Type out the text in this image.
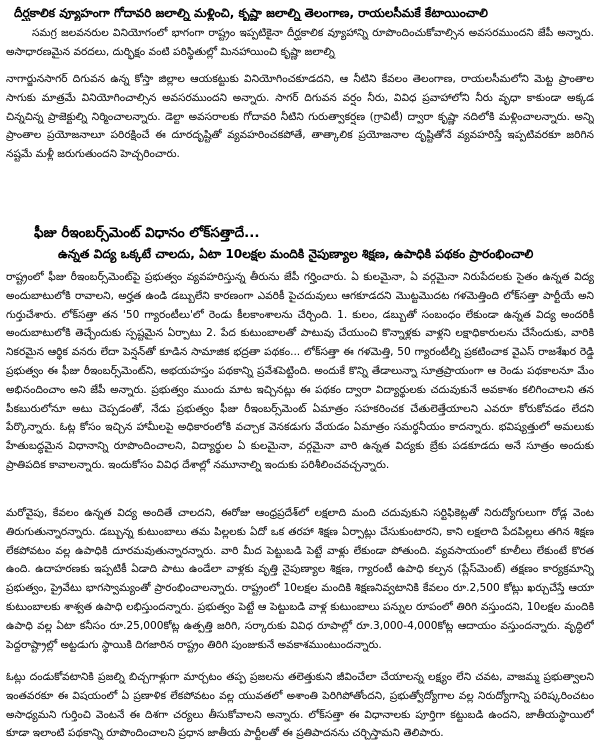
దీర్ఘకాలిక వ్యూహంగా గోదావరి జలాల్ని మళ్లించి, కృష్ణా జలాల్ని తెలంగాణ, రాయలసీమకే కేటాయించాలి

సమగ్ర జలవనరుల వినియోగంలో భాగంగా రాష్ట్రం ఇప్పటికైనా దీర్ఘకాలిక వ్యూహాన్ని రూపొందించుకోవాల్సిన అవసరముందని జేపీ అన్నారు. అసాధారణమైన వరదలు, దుర్భిక్షం వంటి పరిస్థితుల్లో మినహాయించి కృష్ణా జలాల్ని

నాగార్జునసాగర్ దిగువన ఉన్న కోస్తా జిల్లాల ఆయకట్టుకు వినియోగించకూడదని, ఆ నీటిని కేవలం తెలంగాణ, రాయలసీమలోని మెట్ట ప్రాంతాల సాగుకు మాత్రమే వినియోగించాల్సిన అవసరముందని అన్నారు. సాగర్ దిగువన వర్షం నీరు, వివిధ ప్రవాహాలోని నీరు వృధా కాకుండా అక్కడ చిన్నచిన్న ప్రాజెక్టుల్ని నిర్మించాలన్నారు. డెల్టా అవసరాలకు గోదావరి నీటిని గురుత్వాకర్షణ (గ్రావిటీ) ద్వారా కృష్ణా నదిలోకి మళ్లించాలన్నారు. అన్ని ప్రాంతాల ప్రయోజనాలూ పరిరక్షించే ఈ దూరదృష్టితో వ్యవహరించకపోతే, తాత్కాలిక ప్రయోజనాల దృష్టితోనే వ్యవహరిస్తే ఇప్పటివరకూ జరిగిన నష్టమే మళ్లీ జరుగుతుందని హెచ్చరించారు.

ఫీజు రీఇంబర్స్‌మెంట్ విధానం లోక్‌సత్తాదే...
ఉన్నత విద్య ఒక్కటే చాలదు, ఏటా 10లక్షల మందికి నైపుణ్యాల శిక్షణ, ఉపాధికి పథకం ప్రారంభించాలి

రాష్ట్రంలో ఫీజు రీఇంబర్స్‌మెంట్‌పై ప్రభుత్వం వ్యవహరిస్తున్న తీరును జేపీ గర్హించారు. ఏ కులమైనా, ఏ వర్గమైనా నిరుపేదలకు సైతం ఉన్నత విద్య అందుబాటులోకి రావాలని, అర్హత ఉండి డబ్బులేని కారణంగా ఎవరికీ పైచదువులు ఆగకూడదని మొట్టమొదట గళమెత్తింది లోక్‌సత్తా పార్టీయే అని గుర్తుచేశారు. లోక్‌సత్తా తన '50 గ్యారంటీలు'లో రెండు కీలకాంశాలను చేర్చింది. 1. కులం, డబ్బుతో సంబంధం లేకుండా ఉన్నత విద్య అందరికీ అందుబాటులోకి తెచ్చేందుకు స్పష్టమైన ఏర్పాటు 2. పేద కుటుంబాలతో పాటువు చేయుంచి కొన్నాళ్లకు వాళ్లని లక్షాధికారులను చేసేందుకు, వారికి నికరమైన ఆర్థిక వనరు లేదా పెన్షన్‌తో కూడిన సామాజిక భద్రతా పథకం... లోక్‌సత్తా ఈ గళమెత్తి, 50 గ్యారంటీల్ని ప్రకటించాక వైఎస్ రాజశేఖర రెడ్డి ప్రభుత్వం ఈ ఫీజు రీఇంబర్స్‌మెంట్‌ని, అభయహస్తం పథకాన్ని ప్రవేశపెట్టింది. అందుకే కొన్ని తేడాలున్నా సూత్రప్రాయంగా ఆ రెండు పథకాలనూ మేం అభినందించాం అని జేపీ అన్నారు. ప్రభుత్వం ముందు మాట ఇచ్చినట్లు ఈ పథకం ద్వారా విద్యార్థులకు చదువుకునే అవకాశం కలిగించాలని తన పీకబురులోనూ అటు చెప్పడంతో, నేడు ప్రభుత్వం ఫీజు రీఇంబర్స్‌మెంట్ ఏమాత్రం సహకరించక చేతులెత్తేయాలని ఎవరూ కోరుకోవడం లేదని పేర్కొన్నారు. ఓట్ల కోసం ఇచ్చిన హామీలపై అధికారంలోకి వచ్చాక వెనకడుగు వేయడం ఏమాత్రం సమర్థనీయం కాదన్నారు. భవిష్యత్తులో అమలుకు హేతుబద్ధమైన విధానాన్ని రూపొందించాలని, విద్యార్థుల ఏ కులమైనా, వర్గమైనా వారి ఉన్నత విద్యకు బ్రేకు పడకూడదు అనే సూత్రం అందుకు ప్రాతిపదిక కావాలన్నారు. ఇందుకోసం వివిధ దేశాల్లో నమూనాల్ని ఇందుకు పరిశీలించవచ్చన్నారు.

మరోవైపు, కేవలం ఉన్నత విద్య అందితే చాలదని, ఈరోజు ఆంధ్రప్రదేశ్‌లో లక్షలాది మంది చదువుకుని సర్టిఫికెట్లతో నిరుద్యోగులుగా రోడ్ల వెంట తిరుగుతున్నారన్నారు. డబ్బున్న కుటుంబాలు తమ పిల్లలకు ఏదో ఒక తరహా శిక్షణ ఏర్పాట్లు చేసుకుంటారని, కాని లక్షలాది పేదపిల్లలు తగిన శిక్షణ లేకపోవటం వల్ల ఉపాధికి దూరమవుతున్నారన్నారు. వారి మీద పెట్టుబడి పెట్టే వాళ్లు లేకుండా పోతుంది. వ్యవసాయంలో కూలీలు లేకుంటే కొరత ఉంది. ఉదాహరణకు ఇప్పటికీ ఏడాది పాటు ఉండేలా వాళ్లకు వృత్తి నైపుణ్యాల శిక్షణ, గ్యారంటీ ఉపాధి కల్పన (ప్లేస్‌మెంట్‌) తక్షణం కార్యక్రమాన్ని ప్రభుత్వం, ప్రైవేటు భాగస్వామ్యంతో ప్రారంభించాలన్నారు. రాష్ట్రంలో 10లక్షల మందికి శిక్షణనివ్వటానికి కేవలం రూ.2,500 కోట్లు ఖర్చుచేస్తే ఆయా కుటుంబాలకు శాశ్వత ఉపాధి లభిస్తుందన్నారు. ప్రభుత్వం పెట్టే ఆ పెట్టుబడి వాళ్ల కుటుంబాలు పన్నుల రూపంలో తిరిగి వస్తుందని, 10లక్షల మందికి ఉపాధి వల్ల ఏటా కనీసం రూ.25,000కోట్ల ఉత్పత్తి జరిగి, సర్కారుకు వివిధ రూపాల్లో రూ.3,000-4,000కోట్ల ఆదాయం వస్తుందన్నారు. వృద్ధిలో పెద్దరాష్ట్రాల్లో అట్టడుగు స్థాయికి దిగజారిన రాష్ట్రం తిరిగి పుంజుకునే అవకాశముంటుందన్నారు.

ఓట్లు దండుకోవటానికి ప్రజల్ని బిచ్చగాళ్లుగా మార్చటం తప్ప ప్రజలను తలెత్తుకుని జీవించేలా చేయాలన్న లక్ష్యం లేని చవట, వాజమ్మ ప్రభుత్వాలని ఇంతవరకూ ఈ విషయంలో ఏ ప్రణాళిక లేకపోవటం వల్ల యువతలో అశాంతి పెరిగిపోతోందని, ప్రభుత్వోద్యోగాల వల్ల నిరుద్యోగాన్ని పరిష్కరించటం అసాధ్యమని గుర్తించి వెంటనే ఈ దిశగా చర్యలు తీసుకోవాలని అన్నారు. లోక్‌సత్తా ఈ విధానాలకు పూర్తిగా కట్టుబడి ఉందని, జాతీయస్థాయిలో కూడా ఇలాంటి పథకాన్ని రూపొందించాలని ప్రధాన జాతీయ పార్టీలతో ఈ ప్రతిపాదనను చర్చిస్తామని తెలిపారు.
